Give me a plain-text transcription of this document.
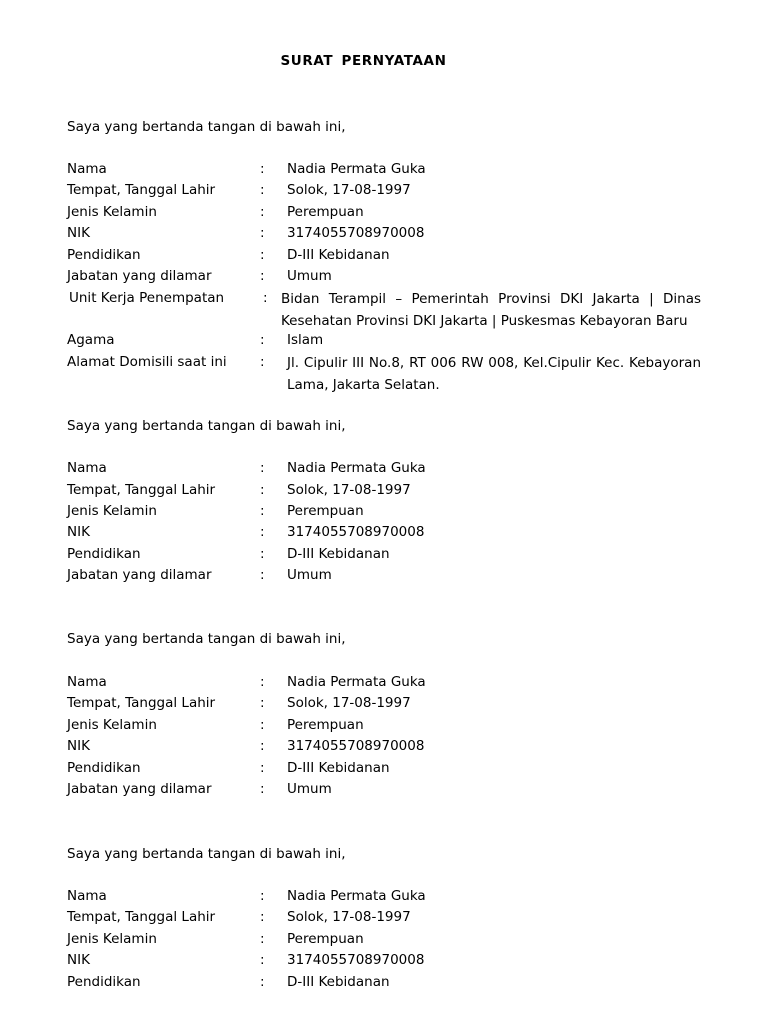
SURAT PERNYATAAN
Saya yang bertanda tangan di bawah ini,
Nama	: Nadia Permata Guka
Tempat, Tanggal Lahir	: Solok, 17-08-1997
Jenis Kelamin	: Perempuan
NIK	: 3174055708970008
Pendidikan	: D-III Kebidanan
Jabatan yang dilamar	: Umum
Unit Kerja Penempatan	: Bidan Terampil – Pemerintah Provinsi DKI Jakarta | Dinas Kesehatan Provinsi DKI Jakarta | Puskesmas Kebayoran Baru
Agama	: Islam
Alamat Domisili saat ini : Jl. Cipulir III No.8, RT 006 RW 008, Kel.Cipulir Kec. Kebayoran Lama, Jakarta Selatan.
Saya yang bertanda tangan di bawah ini,
Nama	: Nadia Permata Guka
Tempat, Tanggal Lahir	: Solok, 17-08-1997
Jenis Kelamin	: Perempuan
NIK	: 3174055708970008
Pendidikan	: D-III Kebidanan
Jabatan yang dilamar	: Umum
Saya yang bertanda tangan di bawah ini,
Nama	: Nadia Permata Guka
Tempat, Tanggal Lahir	: Solok, 17-08-1997
Jenis Kelamin	: Perempuan
NIK	: 3174055708970008
Pendidikan	: D-III Kebidanan
Jabatan yang dilamar	: Umum
Saya yang bertanda tangan di bawah ini,
Nama	: Nadia Permata Guka
Tempat, Tanggal Lahir	: Solok, 17-08-1997
Jenis Kelamin	: Perempuan
NIK	: 3174055708970008
Pendidikan	: D-III Kebidanan
